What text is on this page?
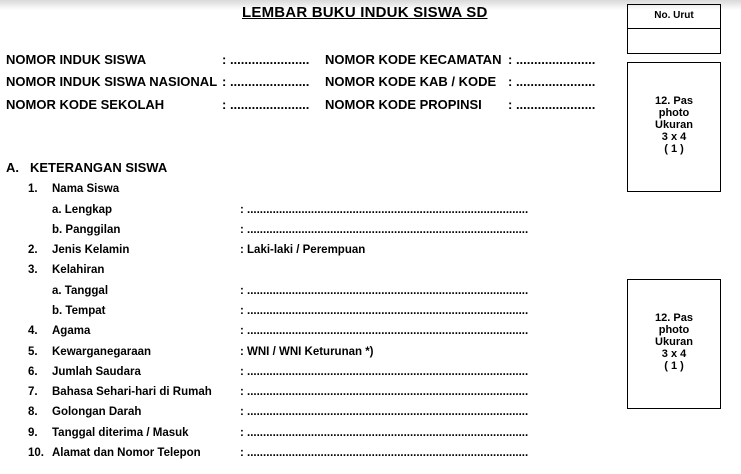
LEMBAR BUKU INDUK SISWA SD	No. Urut
12. Pas
photo
Ukuran
3 x 4
( 1 )
12. Pas
photo
Ukuran
3 x 4
( 1 )
NOMOR INDUK SISWA	: ......................
NOMOR INDUK SISWA NASIONAL : ......................
NOMOR KODE SEKOLAH	: ......................
NOMOR KODE KECAMATAN : ......................
NOMOR KODE KAB / KODE : ......................
NOMOR KODE PROPINSI : ......................
A. KETERANGAN SISWA
1.	Nama Siswa
a. Lengkap	: ........................................................................................
b. Panggilan	: ........................................................................................
2.	Jenis Kelamin	: Laki-laki / Perempuan
3.	Kelahiran
a. Tanggal	: ........................................................................................
b. Tempat	: ........................................................................................
4.	Agama	: ........................................................................................
5.	Kewarganegaraan	: WNI / WNI Keturunan *)
6.	Jumlah Saudara	: ........................................................................................
7.	Bahasa Sehari-hari di Rumah : ........................................................................................
8.	Golongan Darah	: ........................................................................................
9.	Tanggal diterima / Masuk	: ........................................................................................
10. Alamat dan Nomor Telepon	: ........................................................................................
